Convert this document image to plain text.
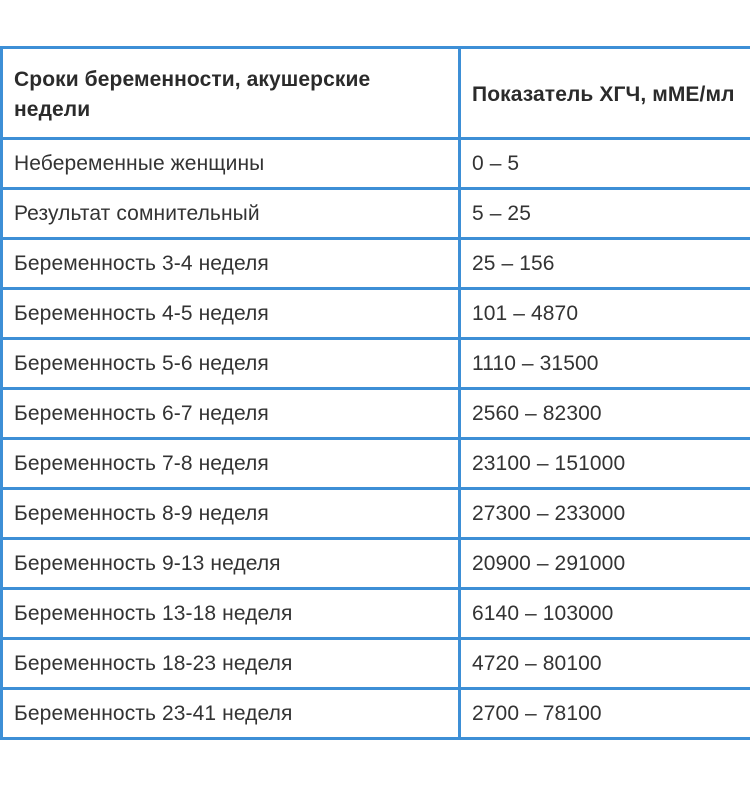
Сроки беременности, акушерские недели	Показатель ХГЧ, мМЕ/мл
Небеременные женщины	0 – 5
Результат сомнительный	5 – 25
Беременность 3-4 неделя	25 – 156
Беременность 4-5 неделя	101 – 4870
Беременность 5-6 неделя	1110 – 31500
Беременность 6-7 неделя	2560 – 82300
Беременность 7-8 неделя	23100 – 151000
Беременность 8-9 неделя	27300 – 233000
Беременность 9-13 неделя	20900 – 291000
Беременность 13-18 неделя	6140 – 103000
Беременность 18-23 неделя	4720 – 80100
Беременность 23-41 неделя	2700 – 78100
